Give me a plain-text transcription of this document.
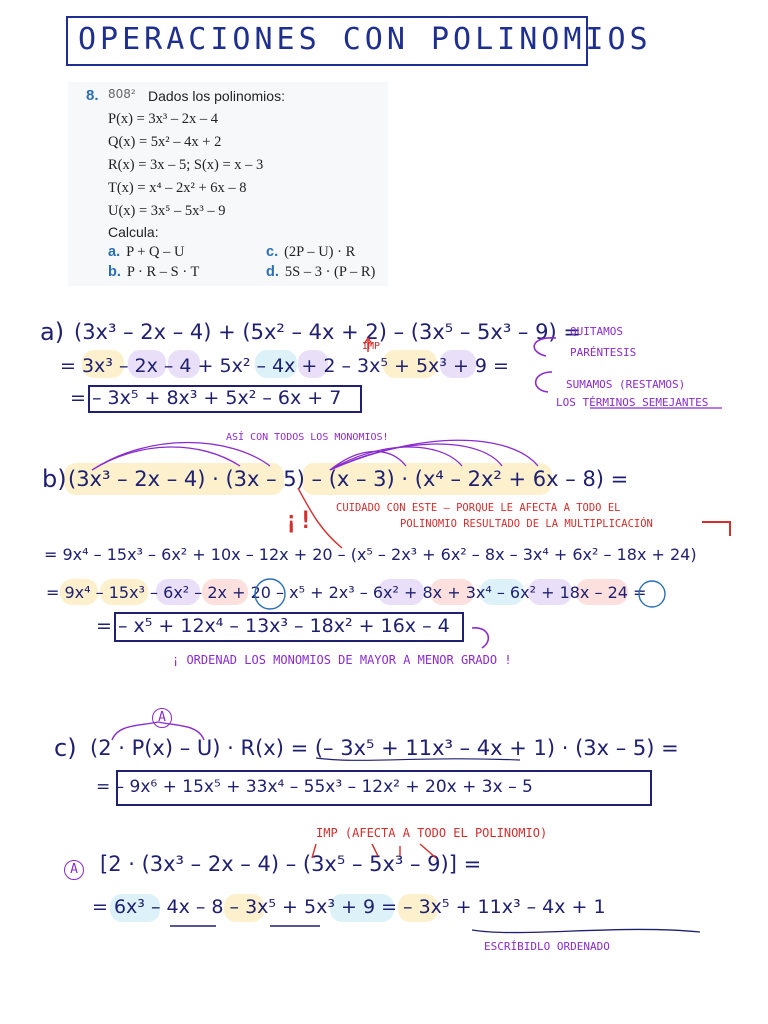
OPERACIONES CON POLINOMIOS
8. 808² Dados los polinomios:
P(x) = 3x³ – 2x – 4
Q(x) = 5x² – 4x + 2
R(x) = 3x – 5; S(x) = x – 3
T(x) = x⁴ – 2x² + 6x – 8
U(x) = 3x⁵ – 5x³ – 9
Calcula:
a. P + Q – U	c. (2P – U) · R
b. P · R – S · T	d. 5S – 3 · (P – R)
a) (3x³ – 2x – 4) + (5x² – 4x + 2) – (3x⁵ – 5x³ – 9) =
IMP
= 3x³ – 2x – 4 + 5x² – 4x + 2 – 3x⁵ + 5x³ + 9 =
= – 3x⁵ + 8x³ + 5x² – 6x + 7
QUITAMOS
PARÉNTESIS
SUMAMOS (RESTAMOS)
LOS TÉRMINOS SEMEJANTES
ASÍ CON TODOS LOS MONOMIOS!
b) (3x³ – 2x – 4) · (3x – 5) – (x – 3) · (x⁴ – 2x² + 6x – 8) =
¡! CUIDADO CON ESTE – PORQUE LE AFECTA A TODO EL
POLINOMIO RESULTADO DE LA MULTIPLICACIÓN
= 9x⁴ – 15x³ – 6x² + 10x – 12x + 20 – (x⁵ – 2x³ + 6x² – 8x – 3x⁴ + 6x² – 18x + 24)
= 9x⁴ – 15x³ – 6x² – 2x + 20 – x⁵ + 2x³ – 6x² + 8x + 3x⁴ – 6x² + 18x – 24 =
= – x⁵ + 12x⁴ – 13x³ – 18x² + 16x – 4
¡ ORDENAD LOS MONOMIOS DE MAYOR A MENOR GRADO !
A
c) (2 · P(x) – U) · R(x) = (– 3x⁵ + 11x³ – 4x + 1) · (3x – 5) =
= – 9x⁶ + 15x⁵ + 33x⁴ – 55x³ – 12x² + 20x + 3x – 5
IMP (AFECTA A TODO EL POLINOMIO)
A [2 · (3x³ – 2x – 4) – (3x⁵ – 5x³ – 9)] =
= 6x³ – 4x – 8 – 3x⁵ + 5x³ + 9 = – 3x⁵ + 11x³ – 4x + 1
ESCRÍBIDLO ORDENADO
